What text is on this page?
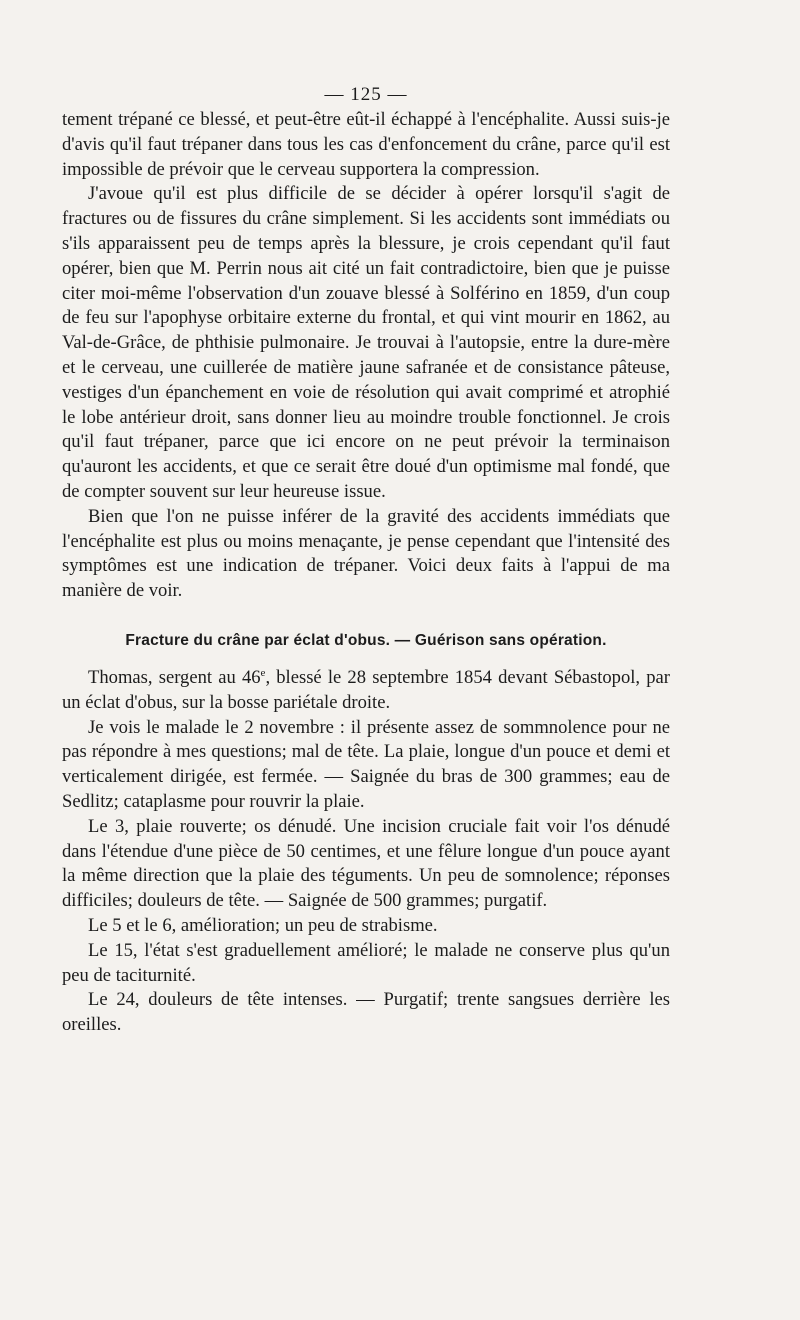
— 125 —

tement trépané ce blessé, et peut-être eût-il échappé à l'encéphalite. Aussi suis-je d'avis qu'il faut trépaner dans tous les cas d'enfoncement du crâne, parce qu'il est impossible de prévoir que le cerveau supportera la compression.

J'avoue qu'il est plus difficile de se décider à opérer lorsqu'il s'agit de fractures ou de fissures du crâne simplement. Si les accidents sont immédiats ou s'ils apparaissent peu de temps après la blessure, je crois cependant qu'il faut opérer, bien que M. Perrin nous ait cité un fait contradictoire, bien que je puisse citer moi-même l'observation d'un zouave blessé à Solférino en 1859, d'un coup de feu sur l'apophyse orbitaire externe du frontal, et qui vint mourir en 1862, au Val-de-Grâce, de phthisie pulmonaire. Je trouvai à l'autopsie, entre la dure-mère et le cerveau, une cuillerée de matière jaune safranée et de consistance pâteuse, vestiges d'un épanchement en voie de résolution qui avait comprimé et atrophié le lobe antérieur droit, sans donner lieu au moindre trouble fonctionnel. Je crois qu'il faut trépaner, parce que ici encore on ne peut prévoir la terminaison qu'auront les accidents, et que ce serait être doué d'un optimisme mal fondé, que de compter souvent sur leur heureuse issue.

Bien que l'on ne puisse inférer de la gravité des accidents immédiats que l'encéphalite est plus ou moins menaçante, je pense cependant que l'intensité des symptômes est une indication de trépaner. Voici deux faits à l'appui de ma manière de voir.

Fracture du crâne par éclat d'obus. — Guérison sans opération.

Thomas, sergent au 46e, blessé le 28 septembre 1854 devant Sébastopol, par un éclat d'obus, sur la bosse pariétale droite.

Je vois le malade le 2 novembre : il présente assez de sommnolence pour ne pas répondre à mes questions; mal de tête. La plaie, longue d'un pouce et demi et verticalement dirigée, est fermée. — Saignée du bras de 300 grammes; eau de Sedlitz; cataplasme pour rouvrir la plaie.

Le 3, plaie rouverte; os dénudé. Une incision cruciale fait voir l'os dénudé dans l'étendue d'une pièce de 50 centimes, et une fêlure longue d'un pouce ayant la même direction que la plaie des téguments. Un peu de somnolence; réponses difficiles; douleurs de tête. — Saignée de 500 grammes; purgatif.

Le 5 et le 6, amélioration; un peu de strabisme.

Le 15, l'état s'est graduellement amélioré; le malade ne conserve plus qu'un peu de taciturnité.

Le 24, douleurs de tête intenses. — Purgatif; trente sangsues derrière les oreilles.
